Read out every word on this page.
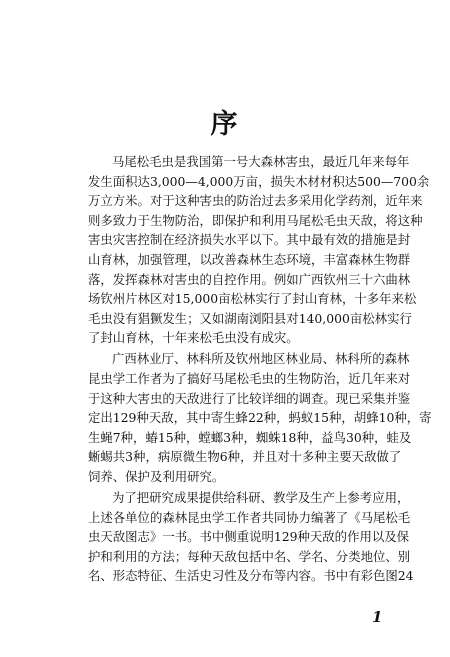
序
马尾松毛虫是我国第一号大森林害虫，最近几年来每年
发生面积达3,000—4,000万亩，损失木材材积达500—700余
万立方米。对于这种害虫的防治过去多采用化学药剂，近年来
则多致力于生物防治，即保护和利用马尾松毛虫天敌，将这种
害虫灾害控制在经济损失水平以下。其中最有效的措施是封
山育林，加强管理，以改善森林生态环境，丰富森林生物群
落，发挥森林对害虫的自控作用。例如广西钦州三十六曲林
场钦州片林区对15,000亩松林实行了封山育林，十多年来松
毛虫没有猖獗发生；又如湖南浏阳县对140,000亩松林实行
了封山育林，十年来松毛虫没有成灾。
广西林业厅、林科所及钦州地区林业局、林科所的森林
昆虫学工作者为了搞好马尾松毛虫的生物防治，近几年来对
于这种大害虫的天敌进行了比较详细的调查。现已采集并鉴
定出129种天敌，其中寄生蜂22种，蚂蚁15种，胡蜂10种，寄
生蝇7种，蝽15种，螳螂3种，蜘蛛18种，益鸟30种，蛙及
蜥蜴共3种，病原微生物6种，并且对十多种主要天敌做了
饲养、保护及利用研究。
为了把研究成果提供给科研、教学及生产上参考应用，
上述各单位的森林昆虫学工作者共同协力编著了《马尾松毛
虫天敌图志》一书。书中侧重说明129种天敌的作用以及保
护和利用的方法；每种天敌包括中名、学名、分类地位、别
名、形态特征、生活史习性及分布等内容。书中有彩色图24
1
